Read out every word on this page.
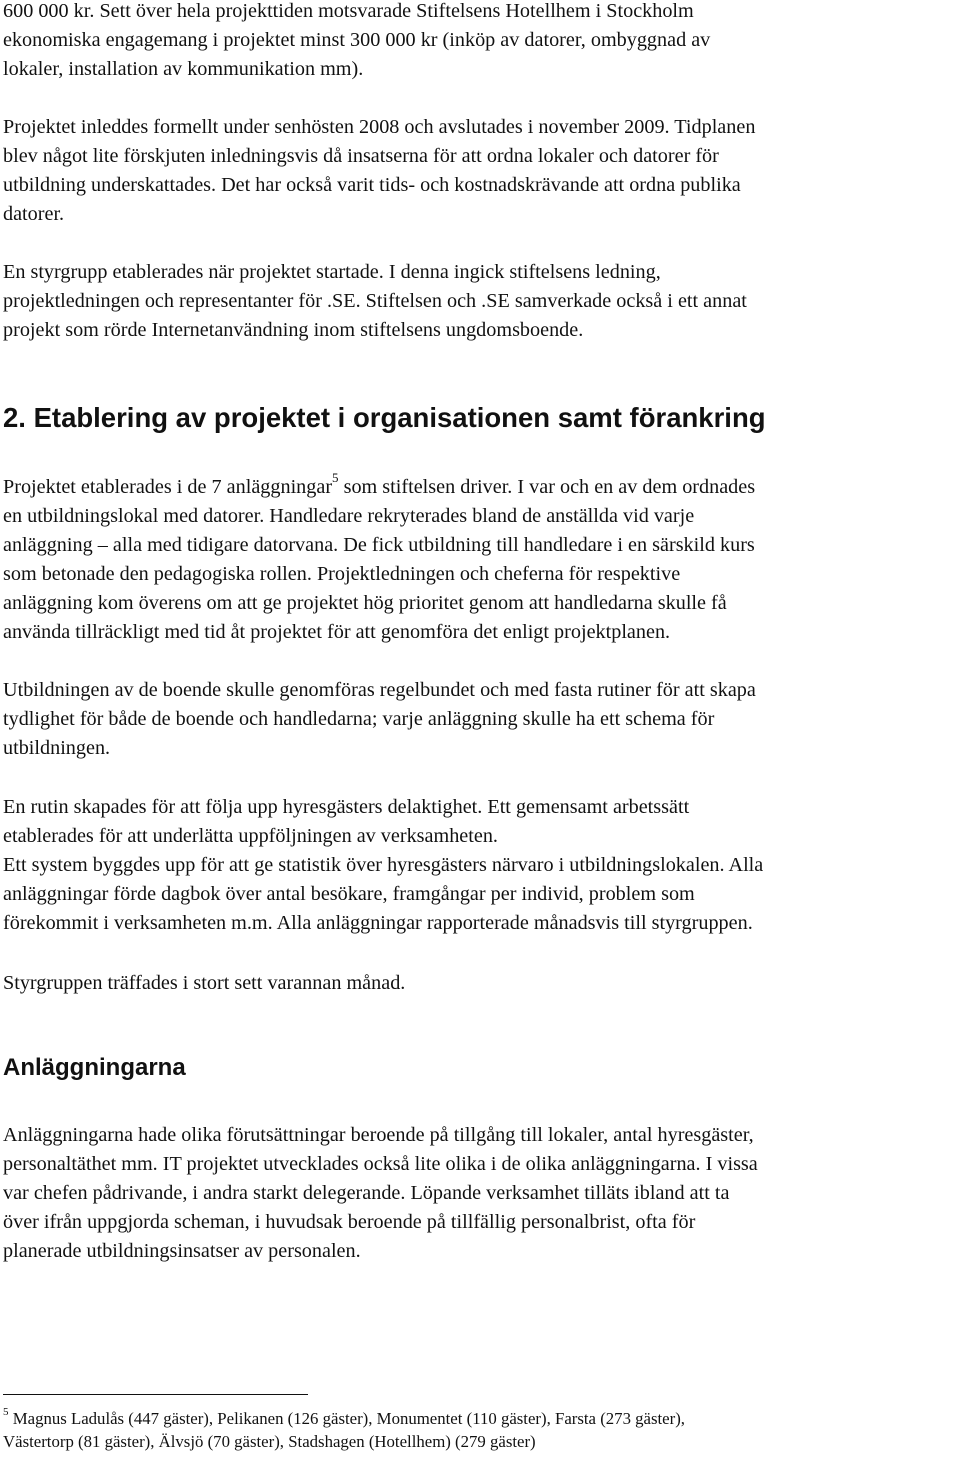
600 000 kr. Sett över hela projekttiden motsvarade Stiftelsens Hotellhem i Stockholm
ekonomiska engagemang i projektet minst 300 000 kr (inköp av datorer, ombyggnad av
lokaler, installation av kommunikation mm).

Projektet inleddes formellt under senhösten 2008 och avslutades i november 2009. Tidplanen
blev något lite förskjuten inledningsvis då insatserna för att ordna lokaler och datorer för
utbildning underskattades. Det har också varit tids- och kostnadskrävande att ordna publika
datorer.

En styrgrupp etablerades när projektet startade. I denna ingick stiftelsens ledning,
projektledningen och representanter för .SE. Stiftelsen och .SE samverkade också i ett annat
projekt som rörde Internetanvändning inom stiftelsens ungdomsboende.

2. Etablering av projektet i organisationen samt förankring

Projektet etablerades i de 7 anläggningar$^5$ som stiftelsen driver. I var och en av dem ordnades
en utbildningslokal med datorer. Handledare rekryterades bland de anställda vid varje
anläggning – alla med tidigare datorvana. De fick utbildning till handledare i en särskild kurs
som betonade den pedagogiska rollen. Projektledningen och cheferna för respektive
anläggning kom överens om att ge projektet hög prioritet genom att handledarna skulle få
använda tillräckligt med tid åt projektet för att genomföra det enligt projektplanen.

Utbildningen av de boende skulle genomföras regelbundet och med fasta rutiner för att skapa
tydlighet för både de boende och handledarna; varje anläggning skulle ha ett schema för
utbildningen.

En rutin skapades för att följa upp hyresgästers delaktighet. Ett gemensamt arbetssätt
etablerades för att underlätta uppföljningen av verksamheten.
Ett system byggdes upp för att ge statistik över hyresgästers närvaro i utbildningslokalen. Alla
anläggningar förde dagbok över antal besökare, framgångar per individ, problem som
förekommit i verksamheten m.m. Alla anläggningar rapporterade månadsvis till styrgruppen.

Styrgruppen träffades i stort sett varannan månad.

Anläggningarna

Anläggningarna hade olika förutsättningar beroende på tillgång till lokaler, antal hyresgäster,
personaltäthet mm. IT projektet utvecklades också lite olika i de olika anläggningarna. I vissa
var chefen pådrivande, i andra starkt delegerande. Löpande verksamhet tilläts ibland att ta
över ifrån uppgjorda scheman, i huvudsak beroende på tillfällig personalbrist, ofta för
planerade utbildningsinsatser av personalen.

$^5$ Magnus Ladulås (447 gäster), Pelikanen (126 gäster), Monumentet (110 gäster), Farsta (273 gäster),
Västertorp (81 gäster), Älvsjö (70 gäster), Stadshagen (Hotellhem) (279 gäster)
